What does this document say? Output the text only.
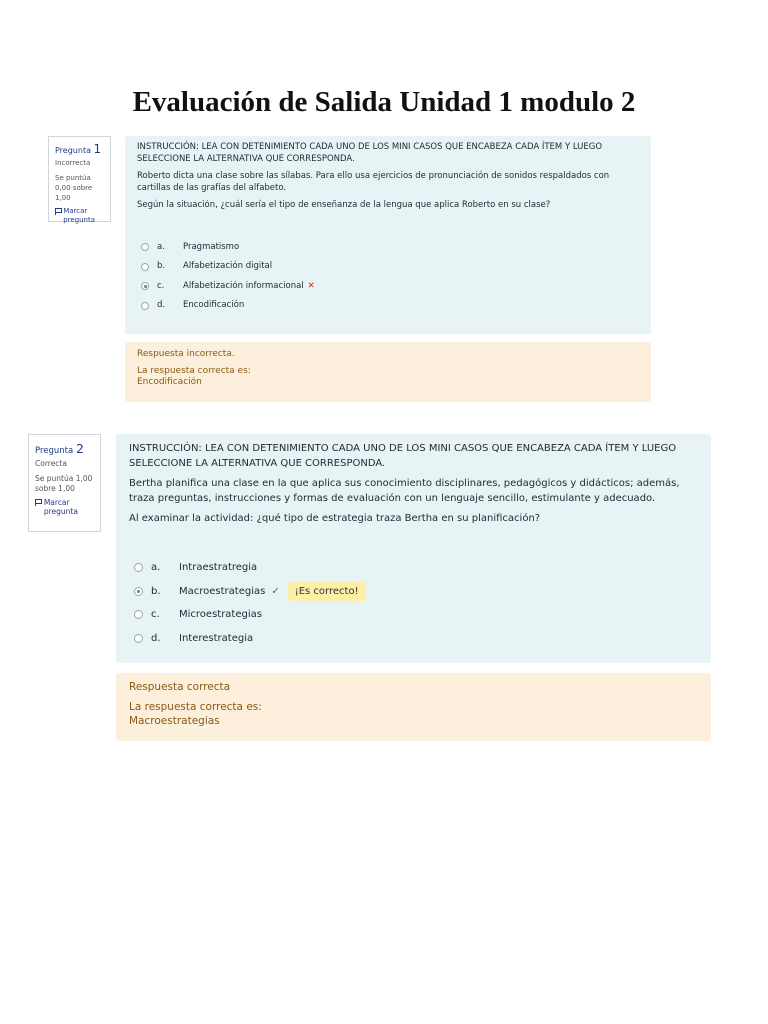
Evaluación de Salida Unidad 1 modulo 2
Pregunta 1
Incorrecta
Se puntúa 0,00 sobre 1,00
Marcar pregunta

INSTRUCCIÓN: LEA CON DETENIMIENTO CADA UNO DE LOS MINI CASOS QUE ENCABEZA CADA ÍTEM Y LUEGO SELECCIONE LA ALTERNATIVA QUE CORRESPONDA.

Roberto dicta una clase sobre las sílabas. Para ello usa ejercicios de pronunciación de sonidos respaldados con cartillas de las grafías del alfabeto.

Según la situación, ¿cuál sería el tipo de enseñanza de la lengua que aplica Roberto en su clase?

a.	Pragmatismo
b.	Alfabetización digital
c.	Alfabetización informacional ✕
d.	Encodificación
Respuesta incorrecta.
La respuesta correcta es:
Encodificación
Pregunta 2
Correcta
Se puntúa 1,00 sobre 1,00
Marcar pregunta

INSTRUCCIÓN: LEA CON DETENIMIENTO CADA UNO DE LOS MINI CASOS QUE ENCABEZA CADA ÍTEM Y LUEGO SELECCIONE LA ALTERNATIVA QUE CORRESPONDA.

Bertha planifica una clase en la que aplica sus conocimiento disciplinares, pedagógicos y didácticos; además, traza preguntas, instrucciones y formas de evaluación con un lenguaje sencillo, estimulante y adecuado.

Al examinar la actividad: ¿qué tipo de estrategia traza Bertha en su planificación?

a.	Intraestratregia
b.	Macroestrategias ✓	¡Es correcto!
c.	Microestrategias
d.	Interestrategia
Respuesta correcta
La respuesta correcta es:
Macroestrategias
